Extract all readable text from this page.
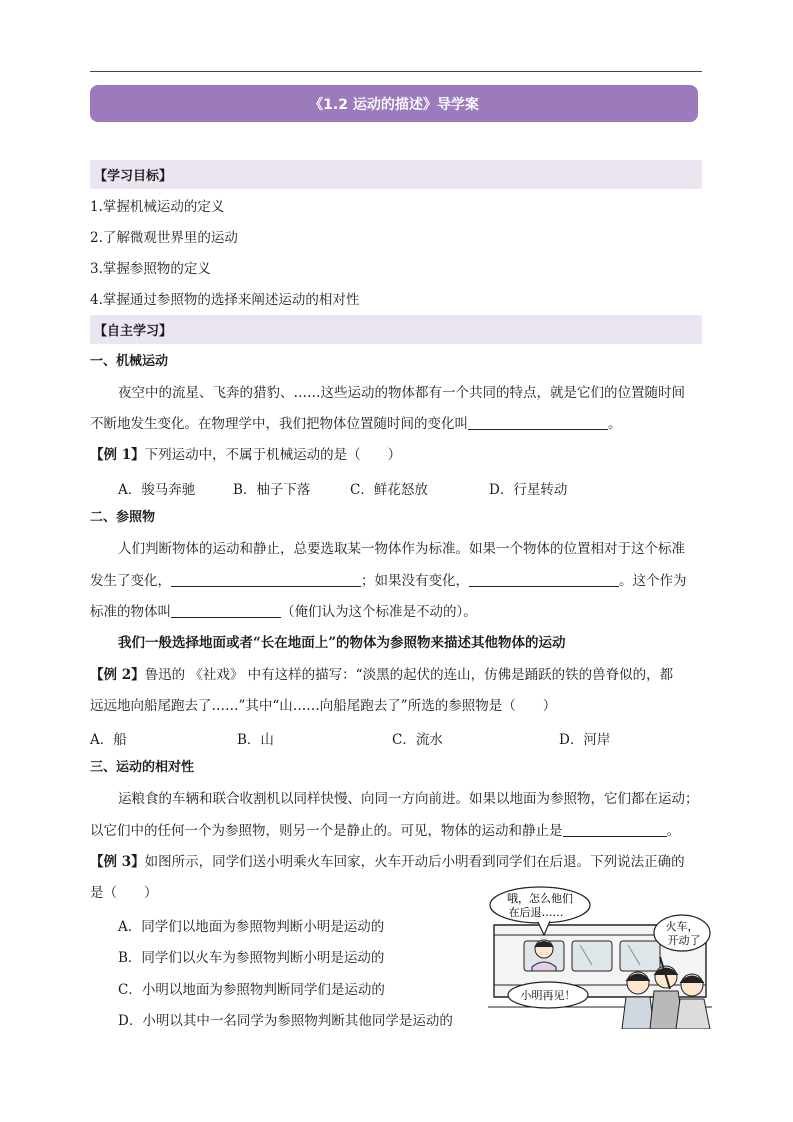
《1.2 运动的描述》导学案
【学习目标】
1.掌握机械运动的定义
2.了解微观世界里的运动
3.掌握参照物的定义
4.掌握通过参照物的选择来阐述运动的相对性
【自主学习】
一、机械运动
夜空中的流星、飞奔的猎豹、……这些运动的物体都有一个共同的特点，就是它们的位置随时间
不断地发生变化。在物理学中，我们把物体位置随时间的变化叫	。
【例 1】下列运动中，不属于机械运动的是（　　）
A．骏马奔驰	B．柚子下落	C．鲜花怒放	D．行星转动
二、参照物
人们判断物体的运动和静止，总要选取某一物体作为标准。如果一个物体的位置相对于这个标准
发生了变化，	；如果没有变化，	。这个作为
标准的物体叫	（俺们认为这个标准是不动的）。
我们一般选择地面或者“长在地面上”的物体为参照物来描述其他物体的运动
【例 2】鲁迅的 《社戏》 中有这样的描写：“淡黑的起伏的连山，仿佛是踊跃的铁的兽脊似的，都
远远地向船尾跑去了……”其中“山……向船尾跑去了”所选的参照物是（　　）
A．船	B．山	C．流水	D．河岸
三、运动的相对性
运粮食的车辆和联合收割机以同样快慢、向同一方向前进。如果以地面为参照物，它们都在运动；
以它们中的任何一个为参照物，则另一个是静止的。可见，物体的运动和静止是	。
【例 3】如图所示，同学们送小明乘火车回家，火车开动后小明看到同学们在后退。下列说法正确的
是（　　）
A．同学们以地面为参照物判断小明是运动的
B．同学们以火车为参照物判断小明是运动的
C．小明以地面为参照物判断同学们是运动的
D．小明以其中一名同学为参照物判断其他同学是运动的
哦，怎么他们
在后退……
火车，
开动了
小明再见！
